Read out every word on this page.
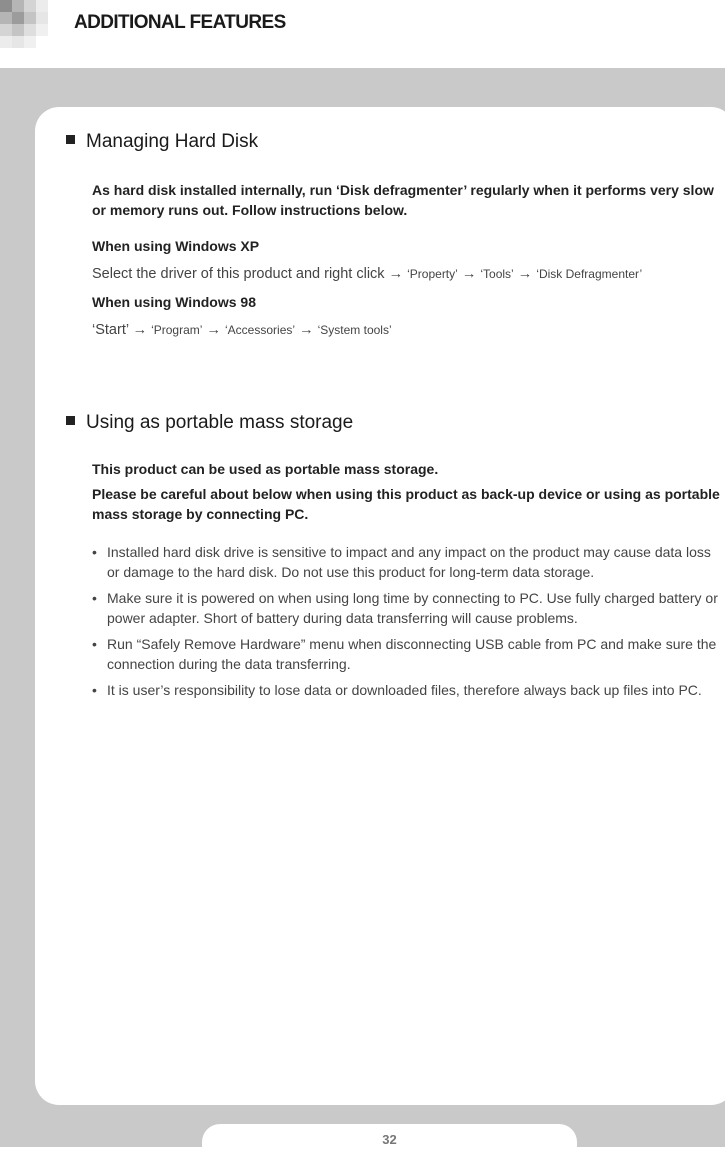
ADDITIONAL FEATURES
Managing Hard Disk
As hard disk installed internally, run ‘Disk defragmenter’ regularly when it performs very slow or memory runs out. Follow instructions below.
When using Windows XP
Select the driver of this product and right click → ‘Property’ → ‘Tools’ → ‘Disk Defragmenter’
When using Windows 98
‘Start’ → ‘Program’ → ‘Accessories’ → ‘System tools’
Using as portable mass storage
This product can be used as portable mass storage.
Please be careful about below when using this product as back-up device or using as portable mass storage by connecting PC.
• Installed hard disk drive is sensitive to impact and any impact on the product may cause data loss or damage to the hard disk. Do not use this product for long-term data storage.
• Make sure it is powered on when using long time by connecting to PC. Use fully charged battery or power adapter. Short of battery during data transferring will cause problems.
• Run “Safely Remove Hardware” menu when disconnecting USB cable from PC and make sure the connection during the data transferring.
• It is user’s responsibility to lose data or downloaded files, therefore always back up files into PC.
32
